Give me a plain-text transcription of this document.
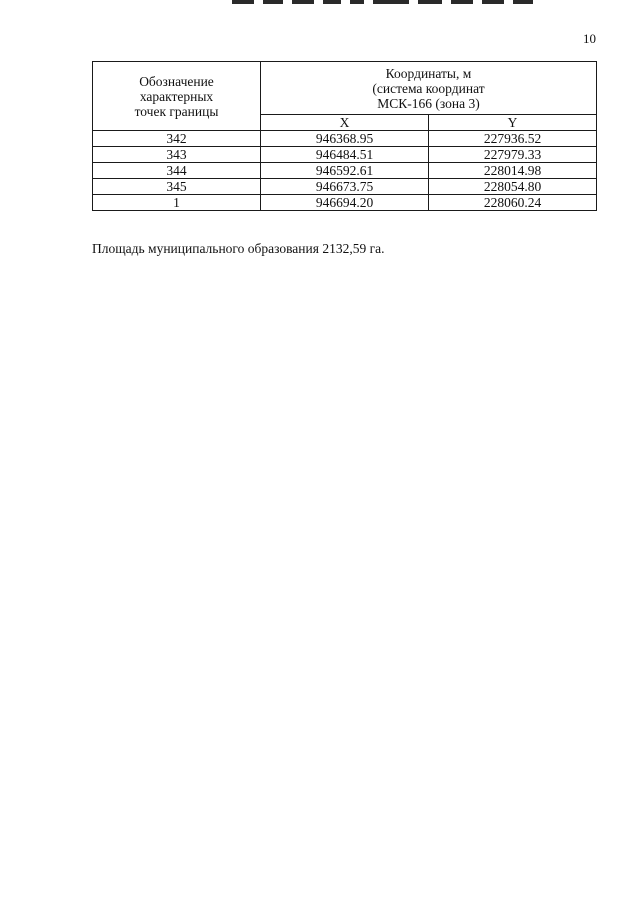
10
Обозначение
характерных
точек границы	Координаты, м
(система координат
МСК-166 (зона 3)	

	X	Y
342	946368.95	227936.52
343	946484.51	227979.33
344	946592.61	228014.98
345	946673.75	228054.80
1	946694.20	228060.24
Площадь муниципального образования 2132,59 га.
